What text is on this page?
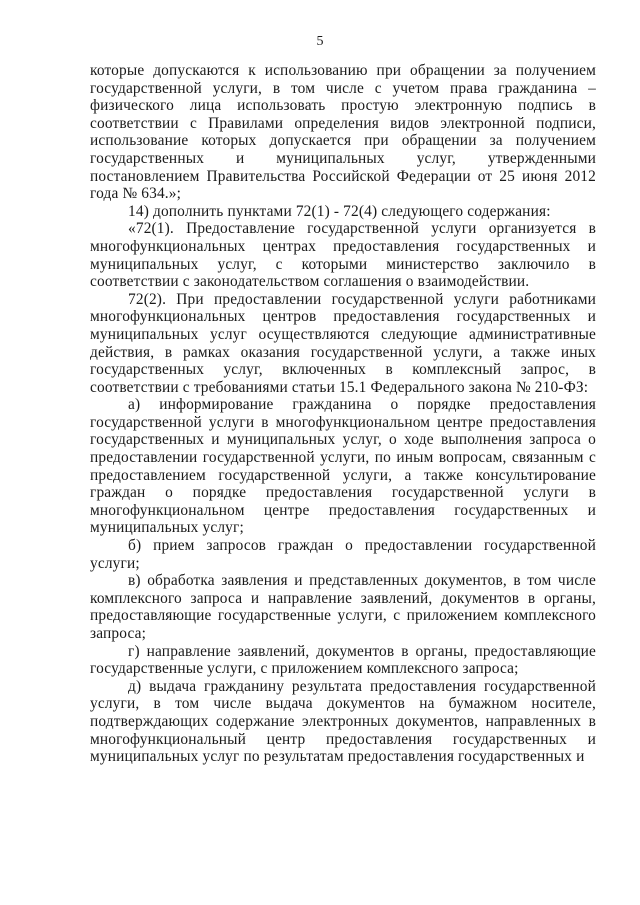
5

которые допускаются к использованию при обращении за получением государственной услуги, в том числе с учетом права гражданина – физического лица использовать простую электронную подпись в соответствии с Правилами определения видов электронной подписи, использование которых допускается при обращении за получением государственных и муниципальных услуг, утвержденными постановлением Правительства Российской Федерации от 25 июня 2012 года № 634.»;

14) дополнить пунктами 72(1) - 72(4) следующего содержания:

«72(1). Предоставление государственной услуги организуется в многофункциональных центрах предоставления государственных и муниципальных услуг, с которыми министерство заключило в соответствии с законодательством соглашения о взаимодействии.

72(2). При предоставлении государственной услуги работниками многофункциональных центров предоставления государственных и муниципальных услуг осуществляются следующие административные действия, в рамках оказания государственной услуги, а также иных государственных услуг, включенных в комплексный запрос, в соответствии с требованиями статьи 15.1 Федерального закона № 210-ФЗ:

а) информирование гражданина о порядке предоставления государственной услуги в многофункциональном центре предоставления государственных и муниципальных услуг, о ходе выполнения запроса о предоставлении государственной услуги, по иным вопросам, связанным с предоставлением государственной услуги, а также консультирование граждан о порядке предоставления государственной услуги в многофункциональном центре предоставления государственных и муниципальных услуг;

б) прием запросов граждан о предоставлении государственной услуги;

в) обработка заявления и представленных документов, в том числе комплексного запроса и направление заявлений, документов в органы, предоставляющие государственные услуги, с приложением комплексного запроса;

г) направление заявлений, документов в органы, предоставляющие государственные услуги, с приложением комплексного запроса;

д) выдача гражданину результата предоставления государственной услуги, в том числе выдача документов на бумажном носителе, подтверждающих содержание электронных документов, направленных в многофункциональный центр предоставления государственных и муниципальных услуг по результатам предоставления государственных и
